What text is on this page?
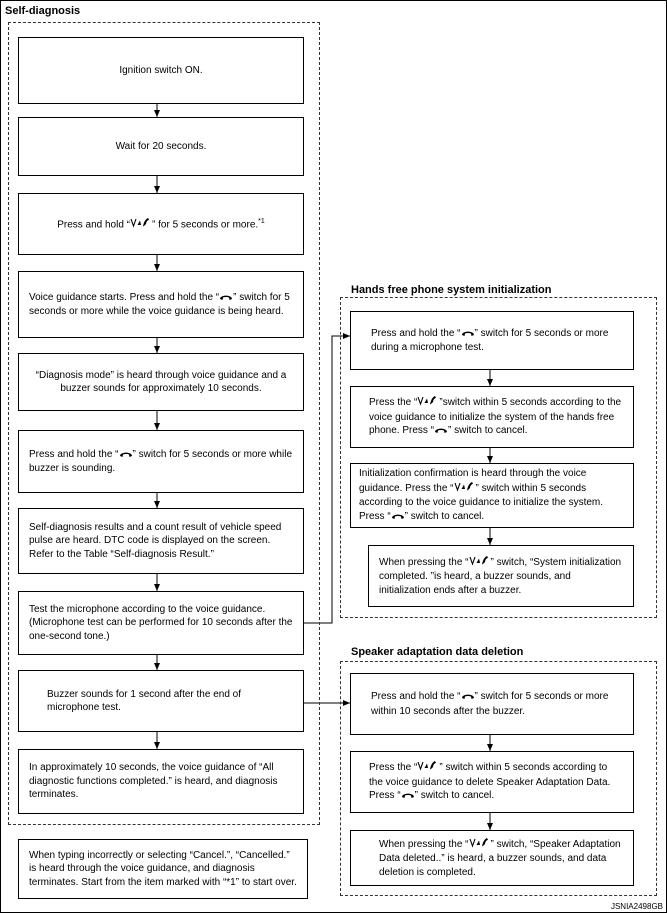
Self-diagnosis
Hands free phone system initialization
Speaker adaptation data deletion

Ignition switch ON.

Wait for 20 seconds.

Press and hold “ ” for 5 seconds or more.$^{*1}$

Voice guidance starts. Press and hold the “ ” switch for 5 seconds or more while the voice guidance is being heard.

“Diagnosis mode” is heard through voice guidance and a buzzer sounds for approximately 10 seconds.

Press and hold the “ ” switch for 5 seconds or more while buzzer is sounding.

Self-diagnosis results and a count result of vehicle speed pulse are heard. DTC code is displayed on the screen. Refer to the Table “Self-diagnosis Result.”

Test the microphone according to the voice guidance. (Microphone test can be performed for 10 seconds after the one-second tone.)

Buzzer sounds for 1 second after the end of microphone test.

In approximately 10 seconds, the voice guidance of “All diagnostic functions completed.” is heard, and diagnosis terminates.

Press and hold the “ ” switch for 5 seconds or more during a microphone test.

Press the “ ”switch within 5 seconds according to the voice guidance to initialize the system of the hands free phone. Press “ ” switch to cancel.

Initialization confirmation is heard through the voice guidance. Press the “ ” switch within 5 seconds according to the voice guidance to initialize the system. Press “ ” switch to cancel.

When pressing the “ ” switch, “System initialization completed. ”is heard, a buzzer sounds, and initialization ends after a buzzer.

Press and hold the “ ” switch for 5 seconds or more within 10 seconds after the buzzer.

Press the “ ” switch within 5 seconds according to the voice guidance to delete Speaker Adaptation Data. Press “ ” switch to cancel.

When pressing the “ ” switch, “Speaker Adaptation Data deleted..” is heard, a buzzer sounds, and data deletion is completed.

When typing incorrectly or selecting “Cancel.”, “Cancelled.” is heard through the voice guidance, and diagnosis terminates. Start from the item marked with “*1” to start over.

JSNIA2498GB
